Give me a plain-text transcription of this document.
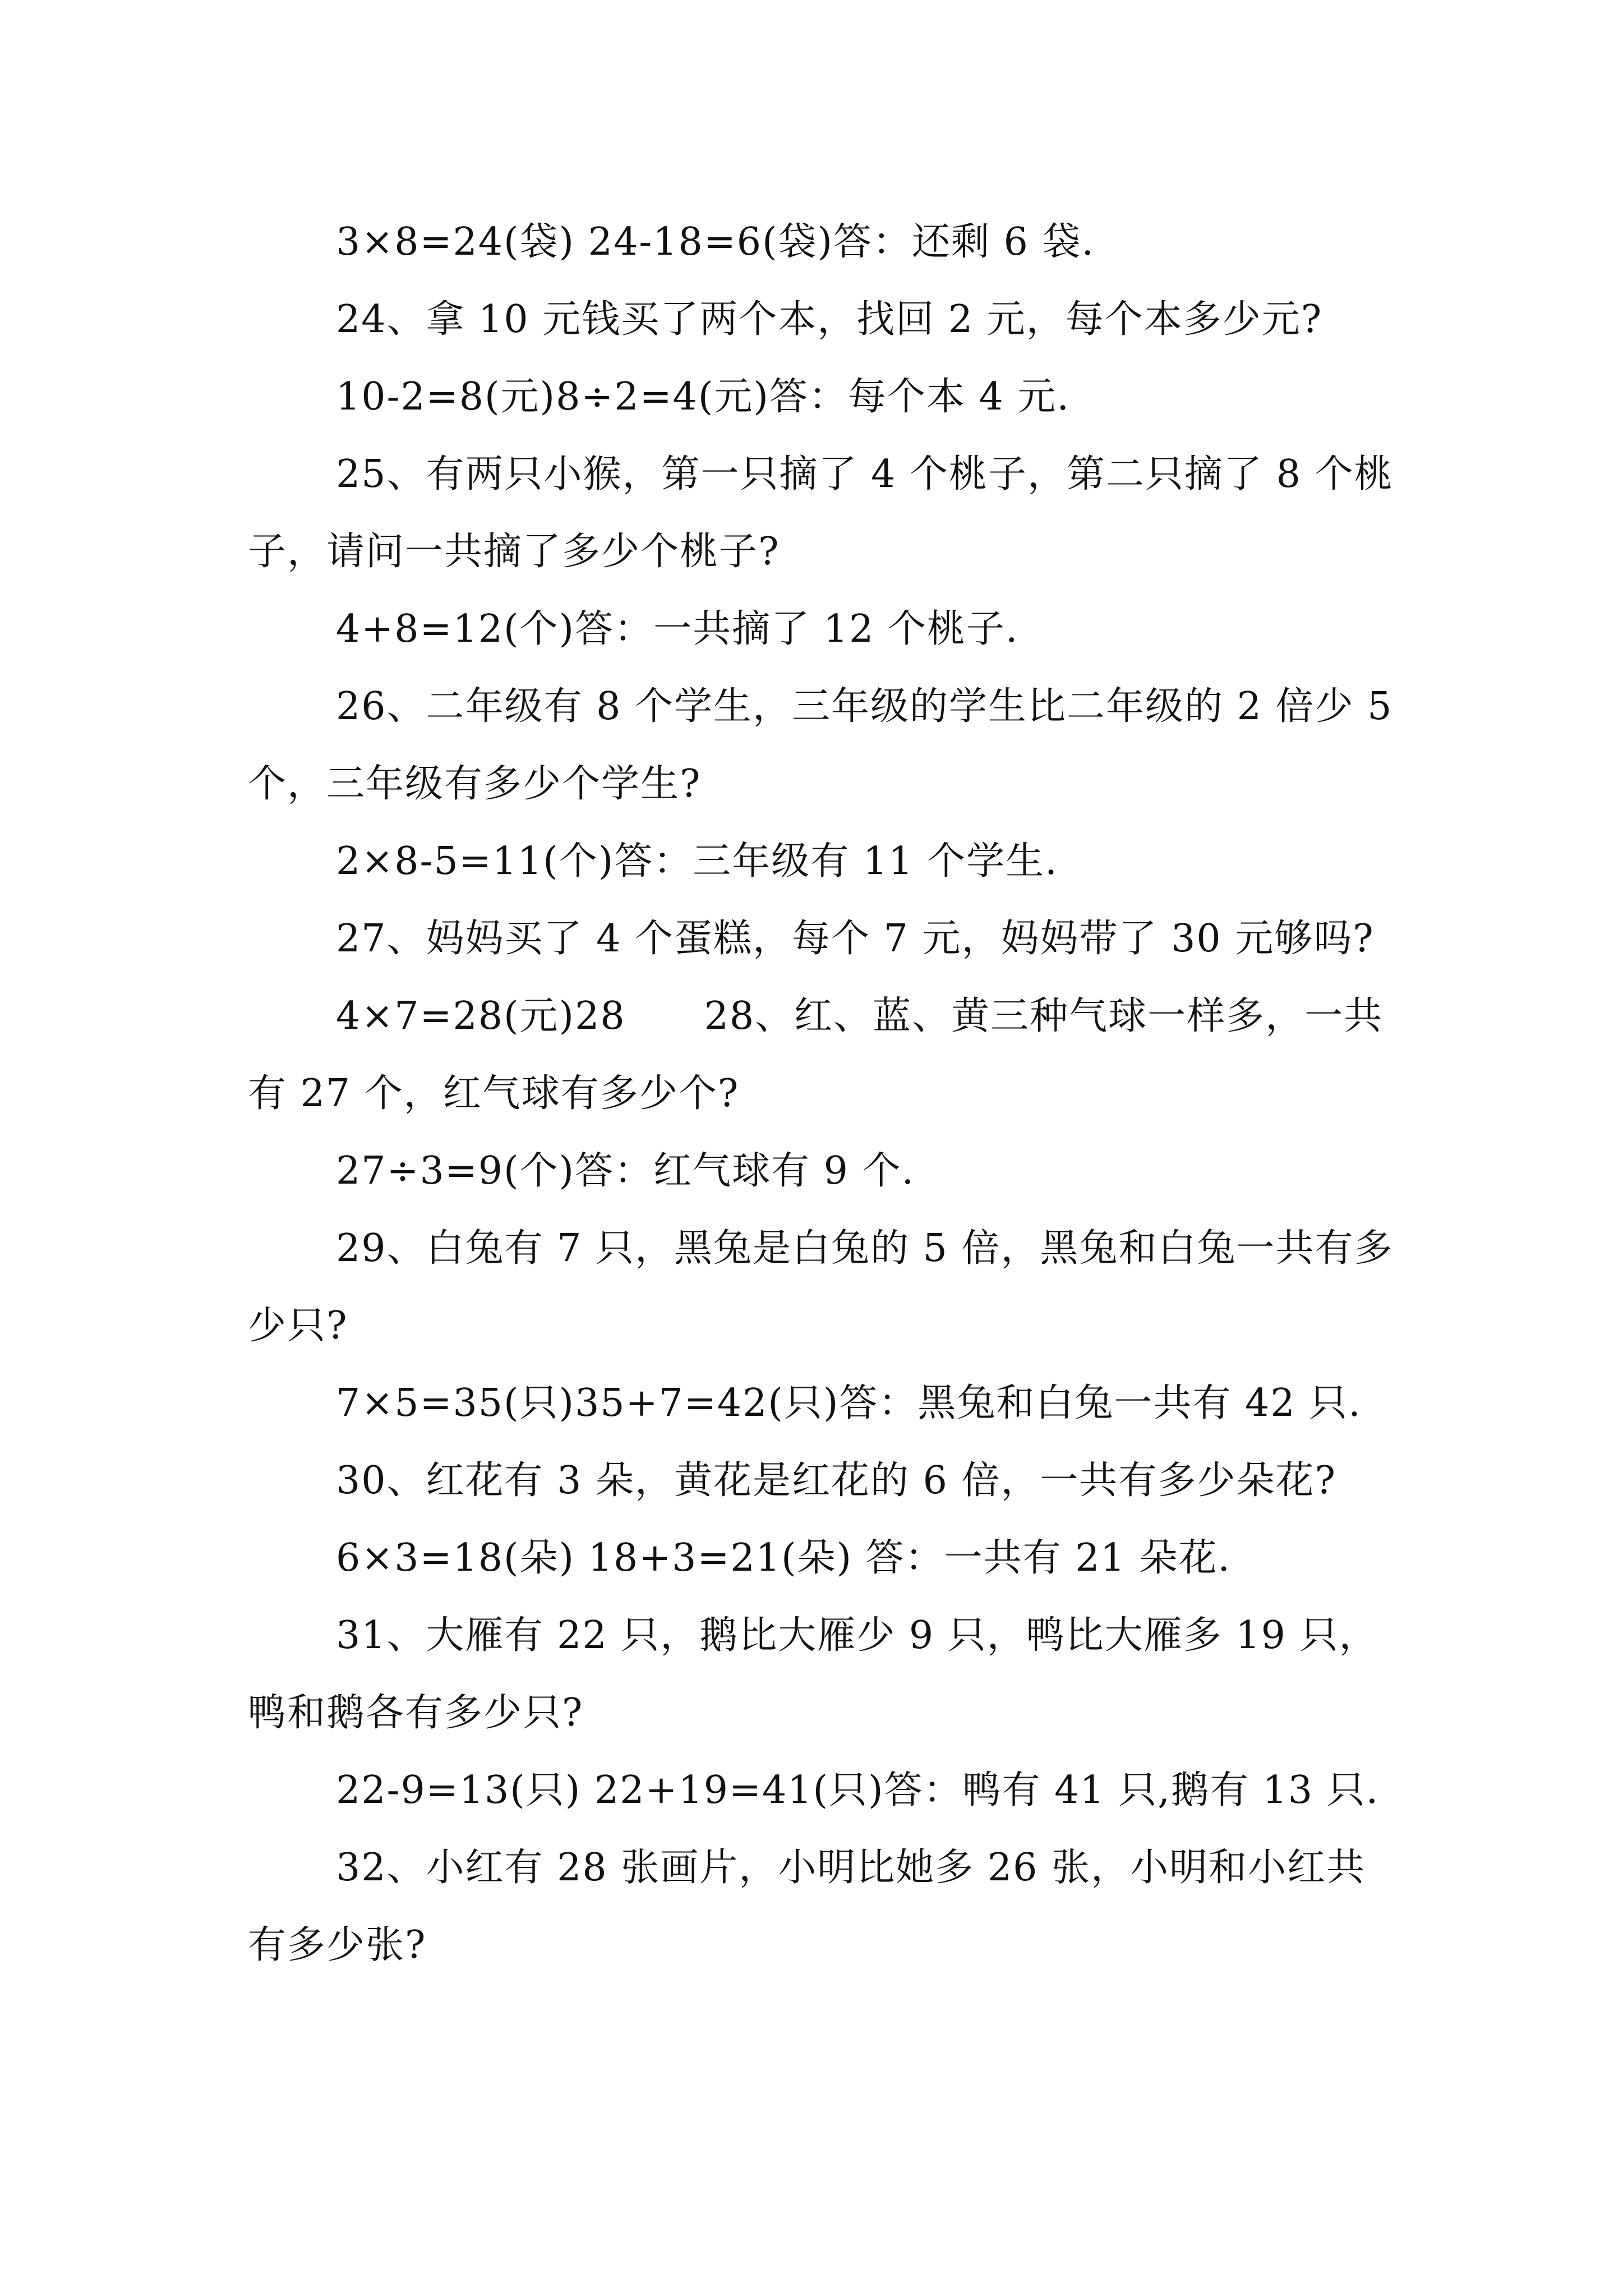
3×8=24(袋) 24-18=6(袋)答：还剩 6 袋.

24、拿 10 元钱买了两个本，找回 2 元，每个本多少元?

10-2=8(元)8÷2=4(元)答：每个本 4 元.

25、有两只小猴，第一只摘了 4 个桃子，第二只摘了 8 个桃子，请问一共摘了多少个桃子?

4+8=12(个)答：一共摘了 12 个桃子.

26、二年级有 8 个学生，三年级的学生比二年级的 2 倍少 5 个，三年级有多少个学生?

2×8-5=11(个)答：三年级有 11 个学生.

27、妈妈买了 4 个蛋糕，每个 7 元，妈妈带了 30 元够吗?

4×7=28(元)28　　28、红、蓝、黄三种气球一样多，一共有 27 个，红气球有多少个?

27÷3=9(个)答：红气球有 9 个.

29、白兔有 7 只，黑兔是白兔的 5 倍，黑兔和白兔一共有多少只?

7×5=35(只)35+7=42(只)答：黑兔和白兔一共有 42 只.

30、红花有 3 朵，黄花是红花的 6 倍，一共有多少朵花?

6×3=18(朵) 18+3=21(朵) 答：一共有 21 朵花.

31、大雁有 22 只，鹅比大雁少 9 只，鸭比大雁多 19 只，鸭和鹅各有多少只?

22-9=13(只) 22+19=41(只)答：鸭有 41 只,鹅有 13 只.

32、小红有 28 张画片，小明比她多 26 张，小明和小红共有多少张?
